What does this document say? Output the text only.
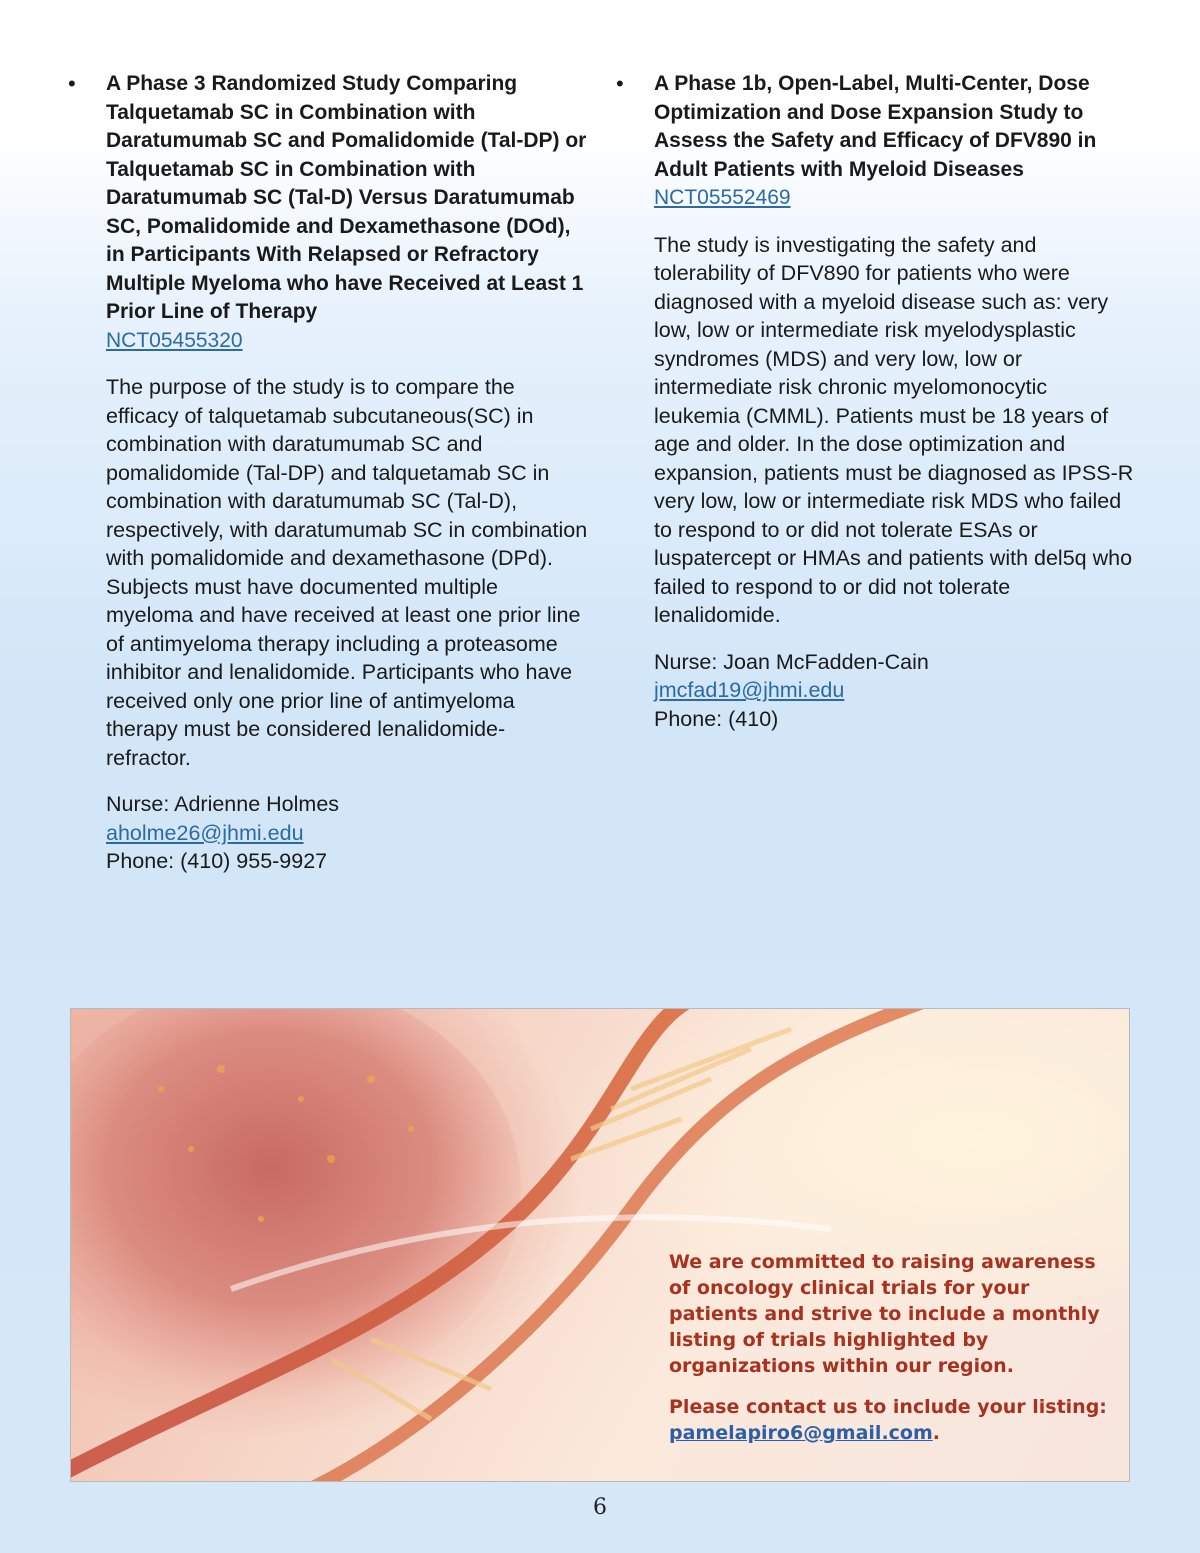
• A Phase 3 Randomized Study Comparing Talquetamab SC in Combination with Daratumumab SC and Pomalidomide (Tal-DP) or Talquetamab SC in Combination with Daratumumab SC (Tal-D) Versus Daratumumab SC, Pomalidomide and Dexamethasone (DOd), in Participants With Relapsed or Refractory Multiple Myeloma who have Received at Least 1 Prior Line of Therapy

NCT05455320

The purpose of the study is to compare the efficacy of talquetamab subcutaneous(SC) in combination with daratumumab SC and pomalidomide (Tal-DP) and talquetamab SC in combination with daratumumab SC (Tal-D), respectively, with daratumumab SC in combination with pomalidomide and dexamethasone (DPd). Subjects must have documented multiple myeloma and have received at least one prior line of antimyeloma therapy including a proteasome inhibitor and lenalidomide. Participants who have received only one prior line of antimyeloma therapy must be considered lenalidomide-refractor.

Nurse: Adrienne Holmes
aholme26@jhmi.edu
Phone: (410) 955-9927
• A Phase 1b, Open-Label, Multi-Center, Dose Optimization and Dose Expansion Study to Assess the Safety and Efficacy of DFV890 in Adult Patients with Myeloid Diseases

NCT05552469

The study is investigating the safety and tolerability of DFV890 for patients who were diagnosed with a myeloid disease such as: very low, low or intermediate risk myelodysplastic syndromes (MDS) and very low, low or intermediate risk chronic myelomonocytic leukemia (CMML). Patients must be 18 years of age and older. In the dose optimization and expansion, patients must be diagnosed as IPSS-R very low, low or intermediate risk MDS who failed to respond to or did not tolerate ESAs or luspatercept or HMAs and patients with del5q who failed to respond to or did not tolerate lenalidomide.

Nurse: Joan McFadden-Cain
jmcfad19@jhmi.edu
Phone: (410)

We are committed to raising awareness of oncology clinical trials for your patients and strive to include a monthly listing of trials highlighted by organizations within our region.

Please contact us to include your listing: pamelapiro6@gmail.com.

6
